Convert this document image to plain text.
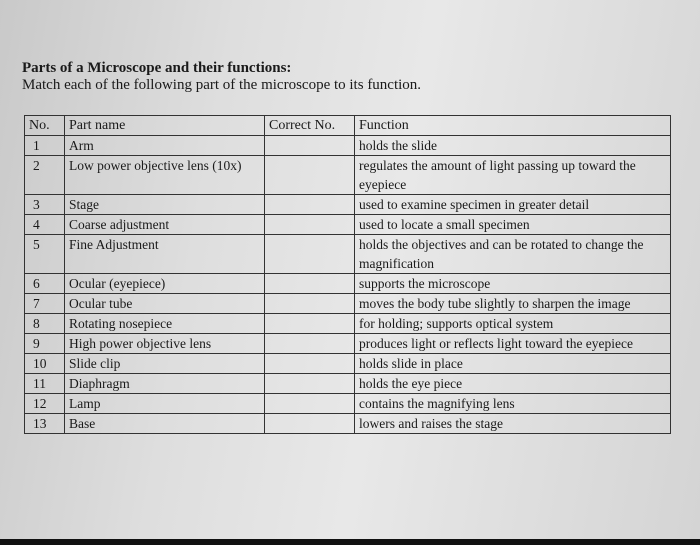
Parts of a Microscope and their functions:
Match each of the following part of the microscope to its function.
No.	Part name	Correct No.	Function
1	Arm		holds the slide
2	Low power objective lens (10x)		regulates the amount of light passing up toward the eyepiece
3	Stage		used to examine specimen in greater detail
4	Coarse adjustment		used to locate a small specimen
5	Fine Adjustment		holds the objectives and can be rotated to change the magnification
6	Ocular (eyepiece)		supports the microscope
7	Ocular tube		moves the body tube slightly to sharpen the image
8	Rotating nosepiece		for holding; supports optical system
9	High power objective lens		produces light or reflects light toward the eyepiece
10	Slide clip		holds slide in place
11	Diaphragm		holds the eye piece
12	Lamp		contains the magnifying lens
13	Base		lowers and raises the stage
